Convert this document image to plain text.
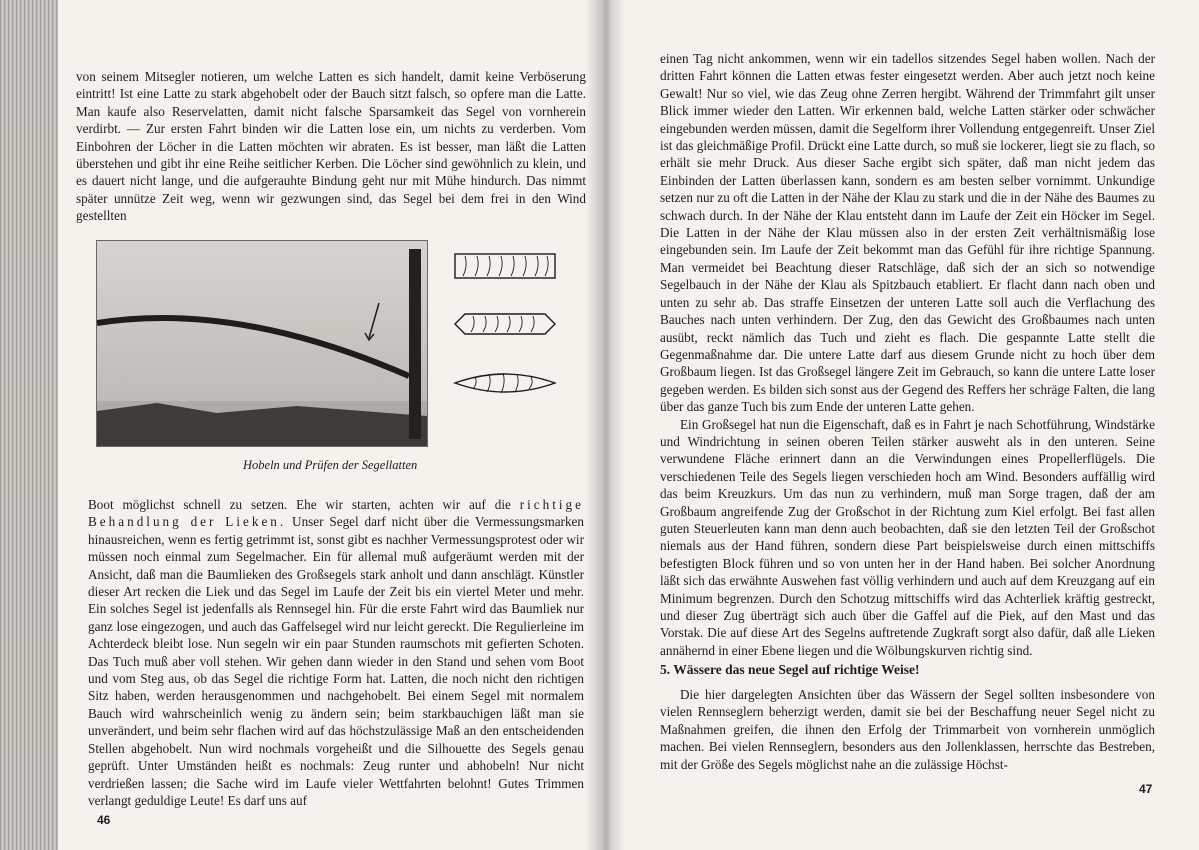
von seinem Mitsegler notieren, um welche Latten es sich handelt, damit keine Verböserung eintritt! Ist eine Latte zu stark abgehobelt oder der Bauch sitzt falsch, so opfere man die Latte. Man kaufe also Reservelatten, damit nicht falsche Sparsamkeit das Segel von vornherein verdirbt. — Zur ersten Fahrt binden wir die Latten lose ein, um nichts zu verderben. Vom Einbohren der Löcher in die Latten möchten wir abraten. Es ist besser, man läßt die Latten überstehen und gibt ihr eine Reihe seitlicher Kerben. Die Löcher sind gewöhnlich zu klein, und es dauert nicht lange, und die aufgerauhte Bindung geht nur mit Mühe hindurch. Das nimmt später unnütze Zeit weg, wenn wir gezwungen sind, das Segel bei dem frei in den Wind gestellten

Hobeln und Prüfen der Segellatten

Boot möglichst schnell zu setzen. Ehe wir starten, achten wir auf die richtige Behandlung der Lieken. Unser Segel darf nicht über die Vermessungsmarken hinausreichen, wenn es fertig getrimmt ist, sonst gibt es nachher Vermessungsprotest oder wir müssen noch einmal zum Segelmacher. Ein für allemal muß aufgeräumt werden mit der Ansicht, daß man die Baumlieken des Großsegels stark anholt und dann anschlägt. Künstler dieser Art recken die Liek und das Segel im Laufe der Zeit bis ein viertel Meter und mehr. Ein solches Segel ist jedenfalls als Rennsegel hin. Für die erste Fahrt wird das Baumliek nur ganz lose eingezogen, und auch das Gaffelsegel wird nur leicht gereckt. Die Regulierleine im Achterdeck bleibt lose. Nun segeln wir ein paar Stunden raumschots mit gefierten Schoten. Das Tuch muß aber voll stehen. Wir gehen dann wieder in den Stand und sehen vom Boot und vom Steg aus, ob das Segel die richtige Form hat. Latten, die noch nicht den richtigen Sitz haben, werden herausgenommen und nachgehobelt. Bei einem Segel mit normalem Bauch wird wahrscheinlich wenig zu ändern sein; beim starkbauchigen läßt man sie unverändert, und beim sehr flachen wird auf das höchstzulässige Maß an den entscheidenden Stellen abgehobelt. Nun wird nochmals vorgeheißt und die Silhouette des Segels genau geprüft. Unter Umständen heißt es nochmals: Zeug runter und abhobeln! Nur nicht verdrießen lassen; die Sache wird im Laufe vieler Wettfahrten belohnt! Gutes Trimmen verlangt geduldige Leute! Es darf uns auf

46

einen Tag nicht ankommen, wenn wir ein tadellos sitzendes Segel haben wollen. Nach der dritten Fahrt können die Latten etwas fester eingesetzt werden. Aber auch jetzt noch keine Gewalt! Nur so viel, wie das Zeug ohne Zerren hergibt. Während der Trimmfahrt gilt unser Blick immer wieder den Latten. Wir erkennen bald, welche Latten stärker oder schwächer eingebunden werden müssen, damit die Segelform ihrer Vollendung entgegenreift. Unser Ziel ist das gleichmäßige Profil. Drückt eine Latte durch, so muß sie lockerer, liegt sie zu flach, so erhält sie mehr Druck. Aus dieser Sache ergibt sich später, daß man nicht jedem das Einbinden der Latten überlassen kann, sondern es am besten selber vornimmt. Unkundige setzen nur zu oft die Latten in der Nähe der Klau zu stark und die in der Nähe des Baumes zu schwach durch. In der Nähe der Klau entsteht dann im Laufe der Zeit ein Höcker im Segel. Die Latten in der Nähe der Klau müssen also in der ersten Zeit verhältnismäßig lose eingebunden sein. Im Laufe der Zeit bekommt man das Gefühl für ihre richtige Spannung. Man vermeidet bei Beachtung dieser Ratschläge, daß sich der an sich so notwendige Segelbauch in der Nähe der Klau als Spitzbauch etabliert. Er flacht dann nach oben und unten zu sehr ab. Das straffe Einsetzen der unteren Latte soll auch die Verflachung des Bauches nach unten verhindern. Der Zug, den das Gewicht des Großbaumes nach unten ausübt, reckt nämlich das Tuch und zieht es flach. Die gespannte Latte stellt die Gegenmaßnahme dar. Die untere Latte darf aus diesem Grunde nicht zu hoch über dem Großbaum liegen. Ist das Großsegel längere Zeit im Gebrauch, so kann die untere Latte loser gegeben werden. Es bilden sich sonst aus der Gegend des Reffers her schräge Falten, die lang über das ganze Tuch bis zum Ende der unteren Latte gehen.

Ein Großsegel hat nun die Eigenschaft, daß es in Fahrt je nach Schotführung, Windstärke und Windrichtung in seinen oberen Teilen stärker ausweht als in den unteren. Seine verwundene Fläche erinnert dann an die Verwindungen eines Propellerflügels. Die verschiedenen Teile des Segels liegen verschieden hoch am Wind. Besonders auffällig wird das beim Kreuzkurs. Um das nun zu verhindern, muß man Sorge tragen, daß der am Großbaum angreifende Zug der Großschot in der Richtung zum Kiel erfolgt. Bei fast allen guten Steuerleuten kann man denn auch beobachten, daß sie den letzten Teil der Großschot niemals aus der Hand führen, sondern diese Part beispielsweise durch einen mittschiffs befestigten Block führen und so von unten her in der Hand haben. Bei solcher Anordnung läßt sich das erwähnte Auswehen fast völlig verhindern und auch auf dem Kreuzgang auf ein Minimum begrenzen. Durch den Schotzug mittschiffs wird das Achterliek kräftig gestreckt, und dieser Zug überträgt sich auch über die Gaffel auf die Piek, auf den Mast und das Vorstak. Die auf diese Art des Segelns auftretende Zugkraft sorgt also dafür, daß alle Lieken annähernd in einer Ebene liegen und die Wölbungskurven richtig sind.

5. Wässere das neue Segel auf richtige Weise!

Die hier dargelegten Ansichten über das Wässern der Segel sollten insbesondere von vielen Rennseglern beherzigt werden, damit sie bei der Beschaffung neuer Segel nicht zu Maßnahmen greifen, die ihnen den Erfolg der Trimmarbeit von vornherein unmöglich machen. Bei vielen Rennseglern, besonders aus den Jollenklassen, herrschte das Bestreben, mit der Größe des Segels möglichst nahe an die zulässige Höchst-

47
